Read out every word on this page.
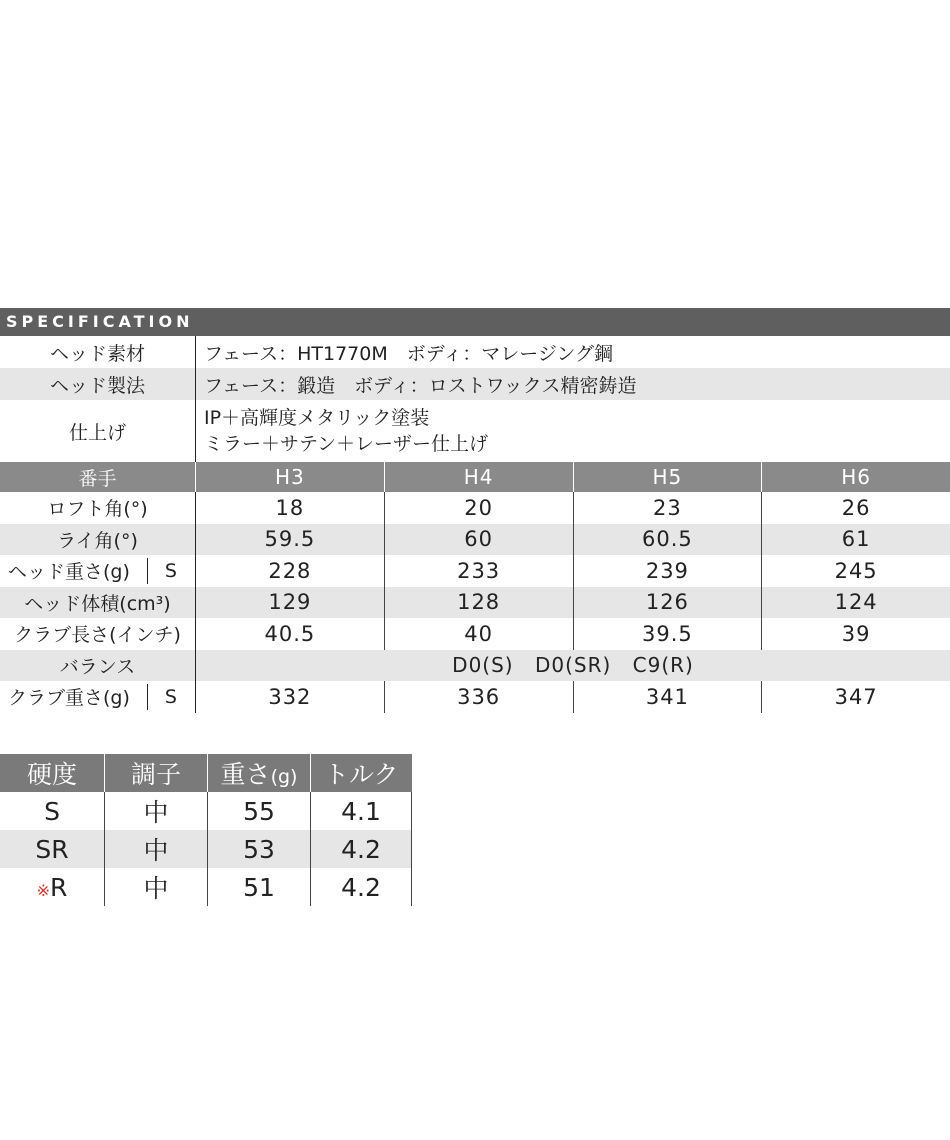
SPECIFICATION
ヘッド素材	フェース：HT1770M　ボディ：マレージング鋼
ヘッド製法	フェース：鍛造　ボディ：ロストワックス精密鋳造
仕上げ
IP＋高輝度メタリック塗装
ミラー＋サテン＋レーザー仕上げ
番手	H3	H4	H5	H6
ロフト角(°)	18	20	23	26
ライ角(°)	59.5	60	60.5	61
ヘッド重さ(g) S	228	233	239	245
ヘッド体積(cm³)	129	128	126	124
クラブ長さ(インチ)	40.5	40	39.5	39
バランス	D0(S) D0(SR) C9(R)
クラブ重さ(g) S	332	336	341	347
硬度	調子	重さ(g)	トルク
S	中	55	4.1
SR	中	53	4.2
※R	中	51	4.2
